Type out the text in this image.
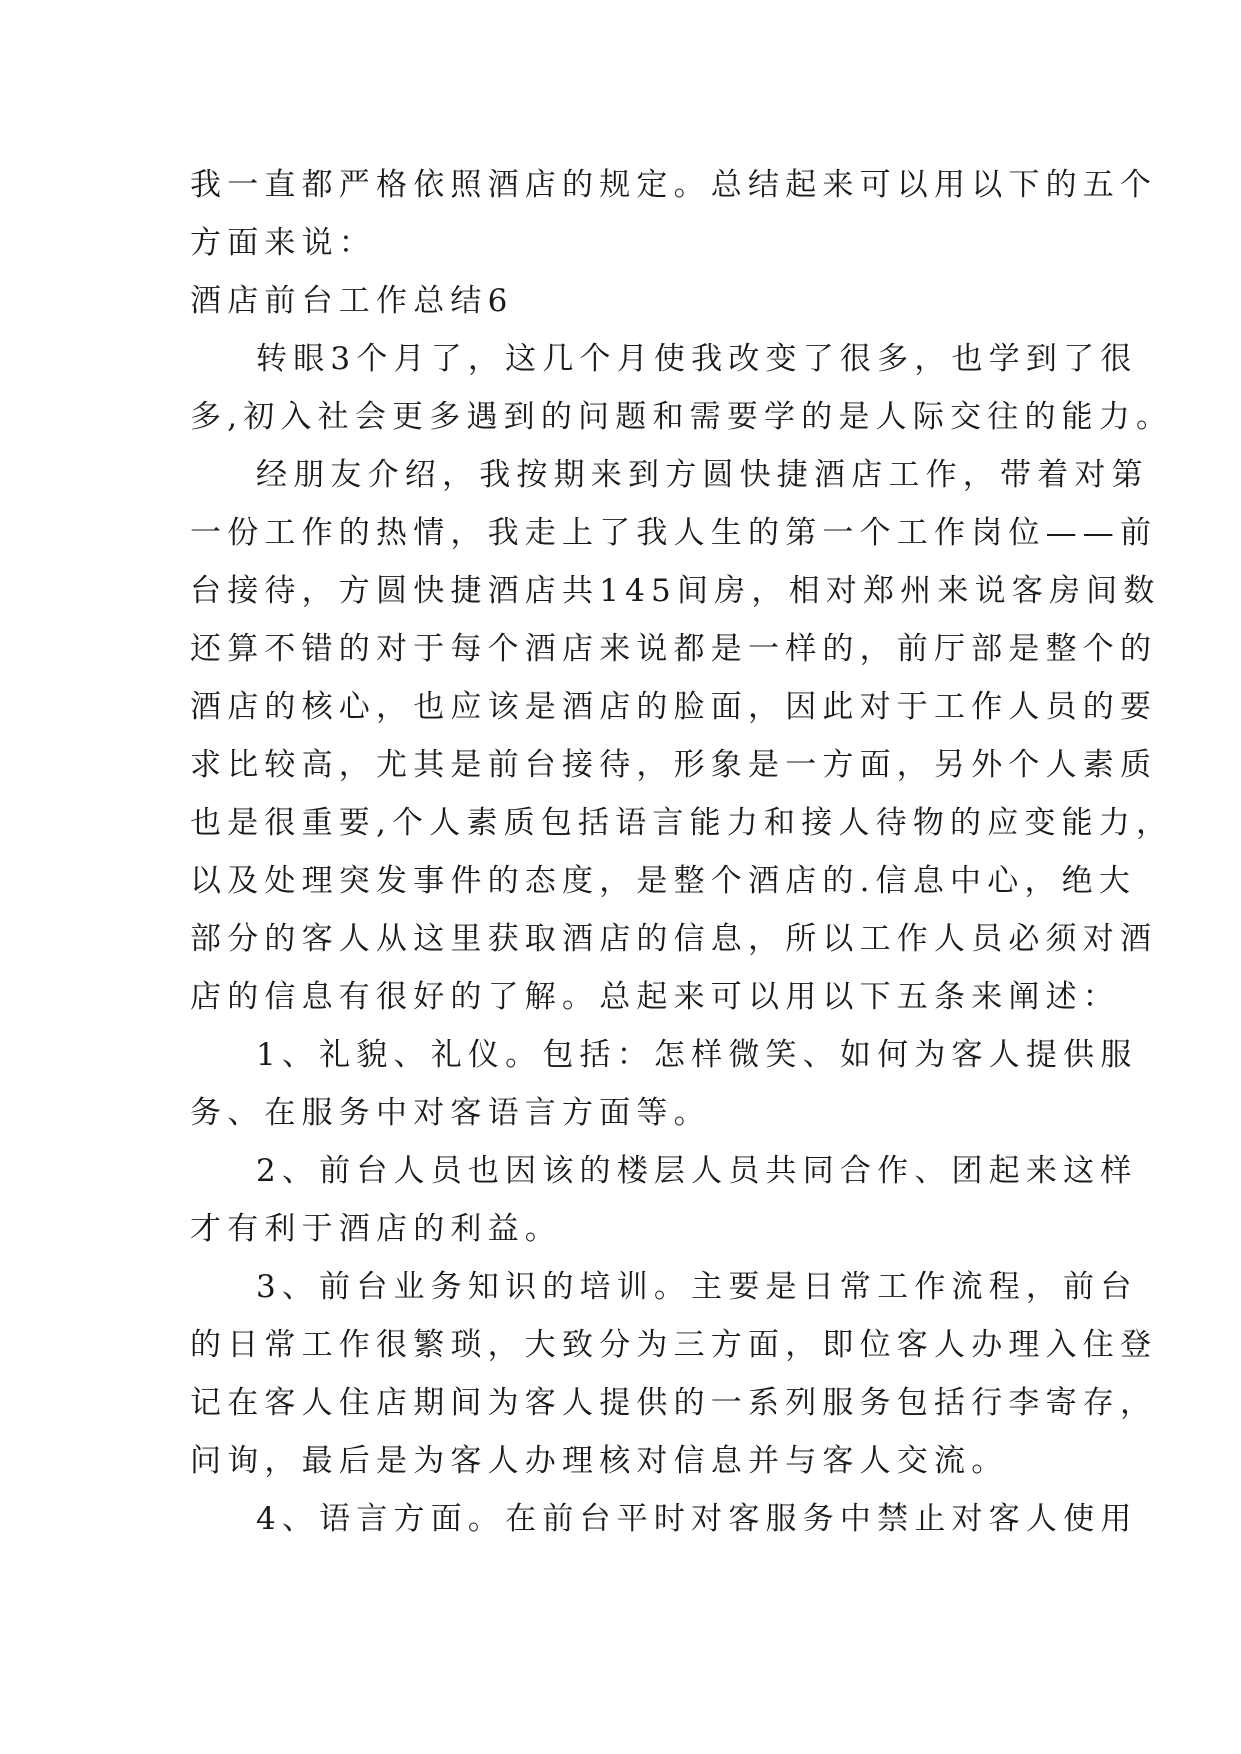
我一直都严格依照酒店的规定。总结起来可以用以下的五个
方面来说：
酒店前台工作总结6
转眼3个月了，这几个月使我改变了很多，也学到了很
多,初入社会更多遇到的问题和需要学的是人际交往的能力。
经朋友介绍，我按期来到方圆快捷酒店工作，带着对第
一份工作的热情，我走上了我人生的第一个工作岗位——前
台接待，方圆快捷酒店共145间房，相对郑州来说客房间数
还算不错的对于每个酒店来说都是一样的，前厅部是整个的
酒店的核心，也应该是酒店的脸面，因此对于工作人员的要
求比较高，尤其是前台接待，形象是一方面，另外个人素质
也是很重要,个人素质包括语言能力和接人待物的应变能力，
以及处理突发事件的态度，是整个酒店的.信息中心，绝大
部分的客人从这里获取酒店的信息，所以工作人员必须对酒
店的信息有很好的了解。总起来可以用以下五条来阐述：
1、礼貌、礼仪。包括：怎样微笑、如何为客人提供服
务、在服务中对客语言方面等。
2、前台人员也因该的楼层人员共同合作、团起来这样
才有利于酒店的利益。
3、前台业务知识的培训。主要是日常工作流程，前台
的日常工作很繁琐，大致分为三方面，即位客人办理入住登
记在客人住店期间为客人提供的一系列服务包括行李寄存，
问询，最后是为客人办理核对信息并与客人交流。
4、语言方面。在前台平时对客服务中禁止对客人使用
